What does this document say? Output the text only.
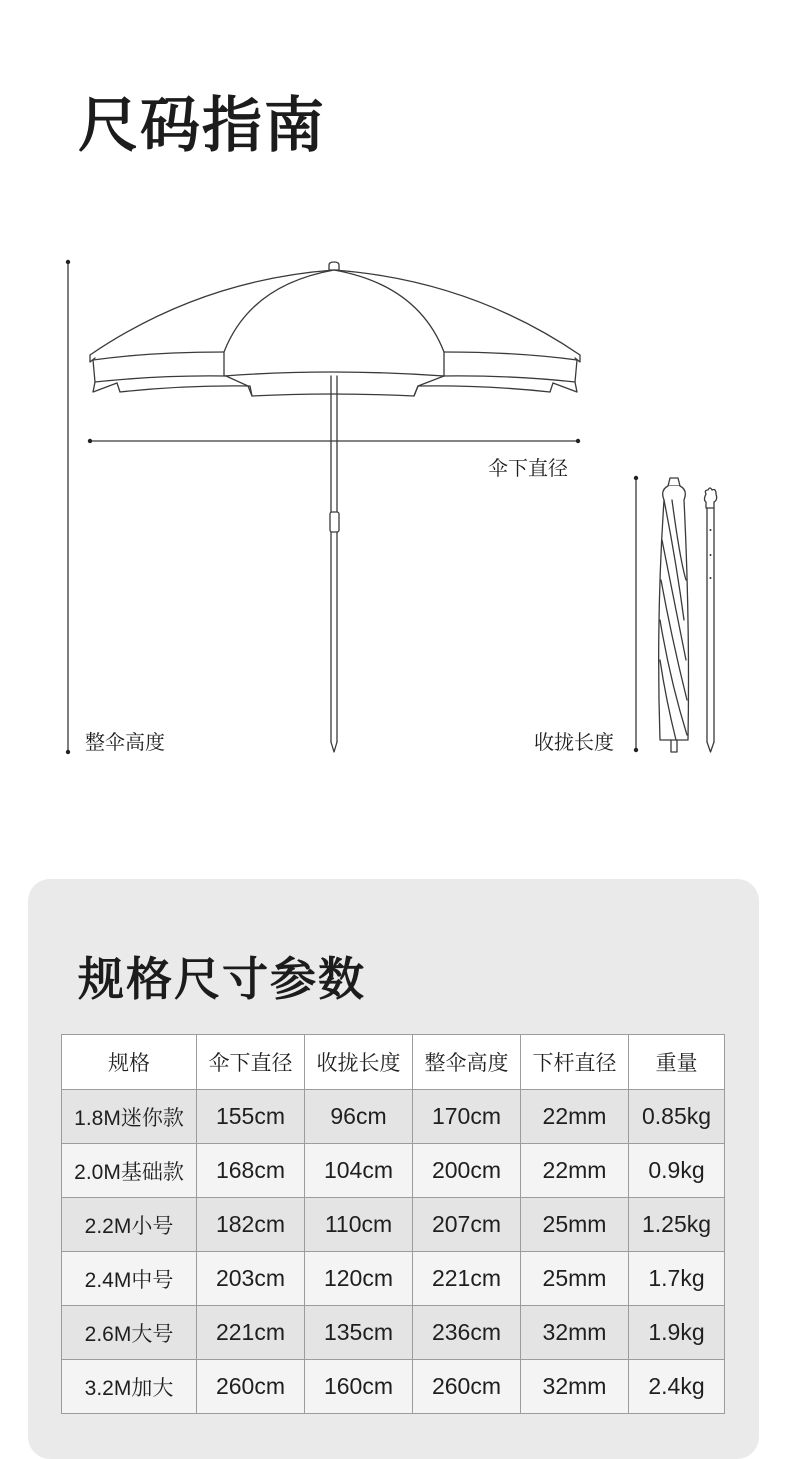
尺码指南
伞下直径
整伞高度	收拢长度
规格尺寸参数
规格	伞下直径	收拢长度	整伞高度	下杆直径	重量
1.8M迷你款	155cm	96cm	170cm	22mm	0.85kg
2.0M基础款	168cm	104cm	200cm	22mm	0.9kg
2.2M小号	182cm	110cm	207cm	25mm	1.25kg
2.4M中号	203cm	120cm	221cm	25mm	1.7kg
2.6M大号	221cm	135cm	236cm	32mm	1.9kg
3.2M加大	260cm	160cm	260cm	32mm	2.4kg
